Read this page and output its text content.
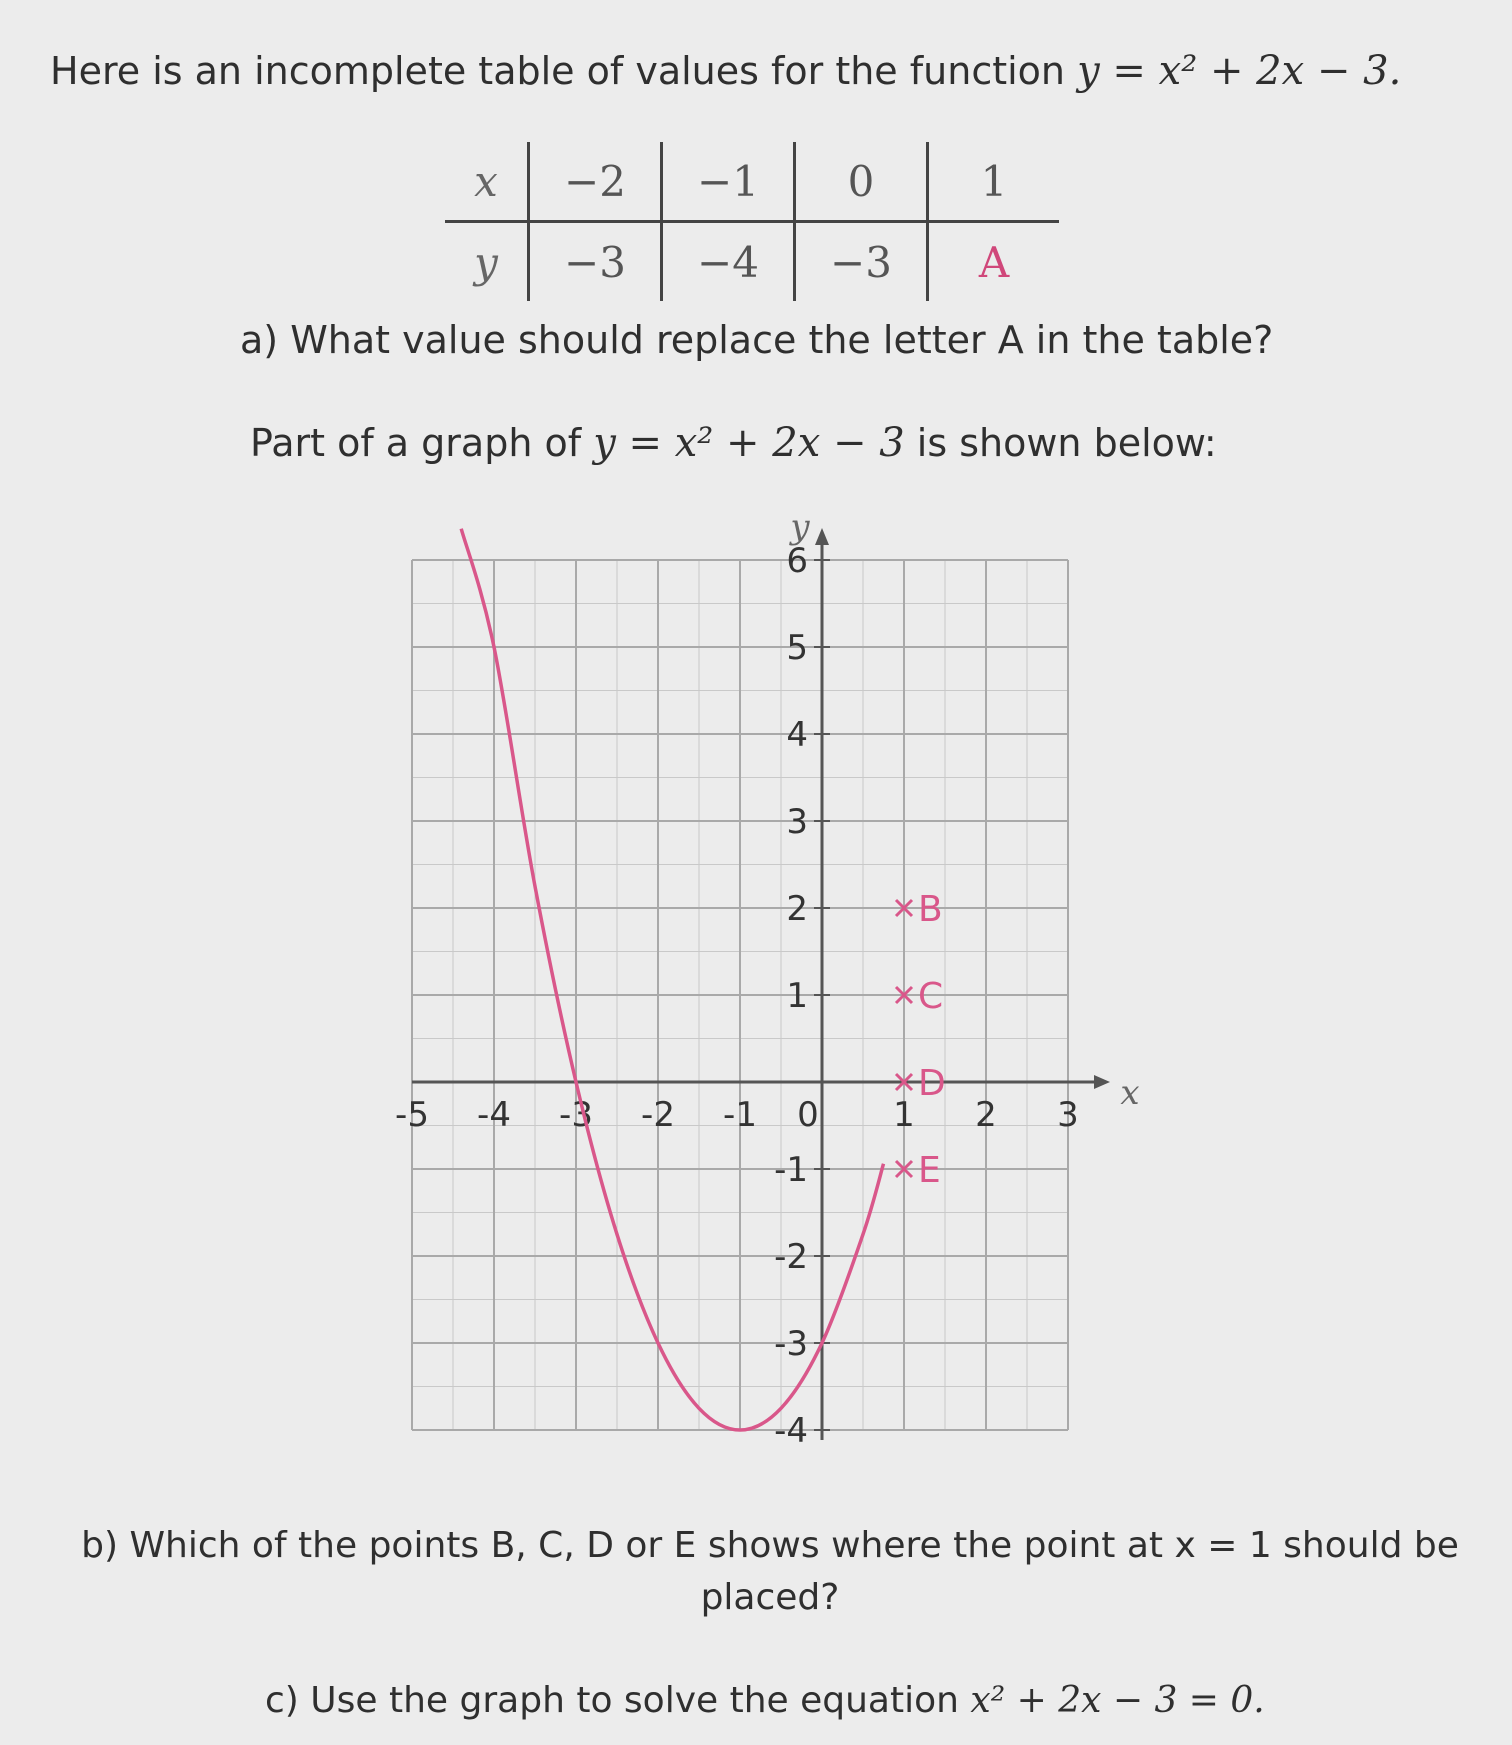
Here is an incomplete table of values for the function y = x² + 2x − 3.
x	−2	−1	0	1
y	−3	−4	−3	A
a) What value should replace the letter A in the table?
Part of a graph of y = x² + 2x − 3 is shown below:
x
y
-5 -4 -3 -2 -1 0 1 2 3
6
5
4
3
2
1
-1
-2
-3
-4
B
C
D
E
b) Which of the points B, C, D or E shows where the point at x = 1 should be placed?
c) Use the graph to solve the equation x² + 2x − 3 = 0.
